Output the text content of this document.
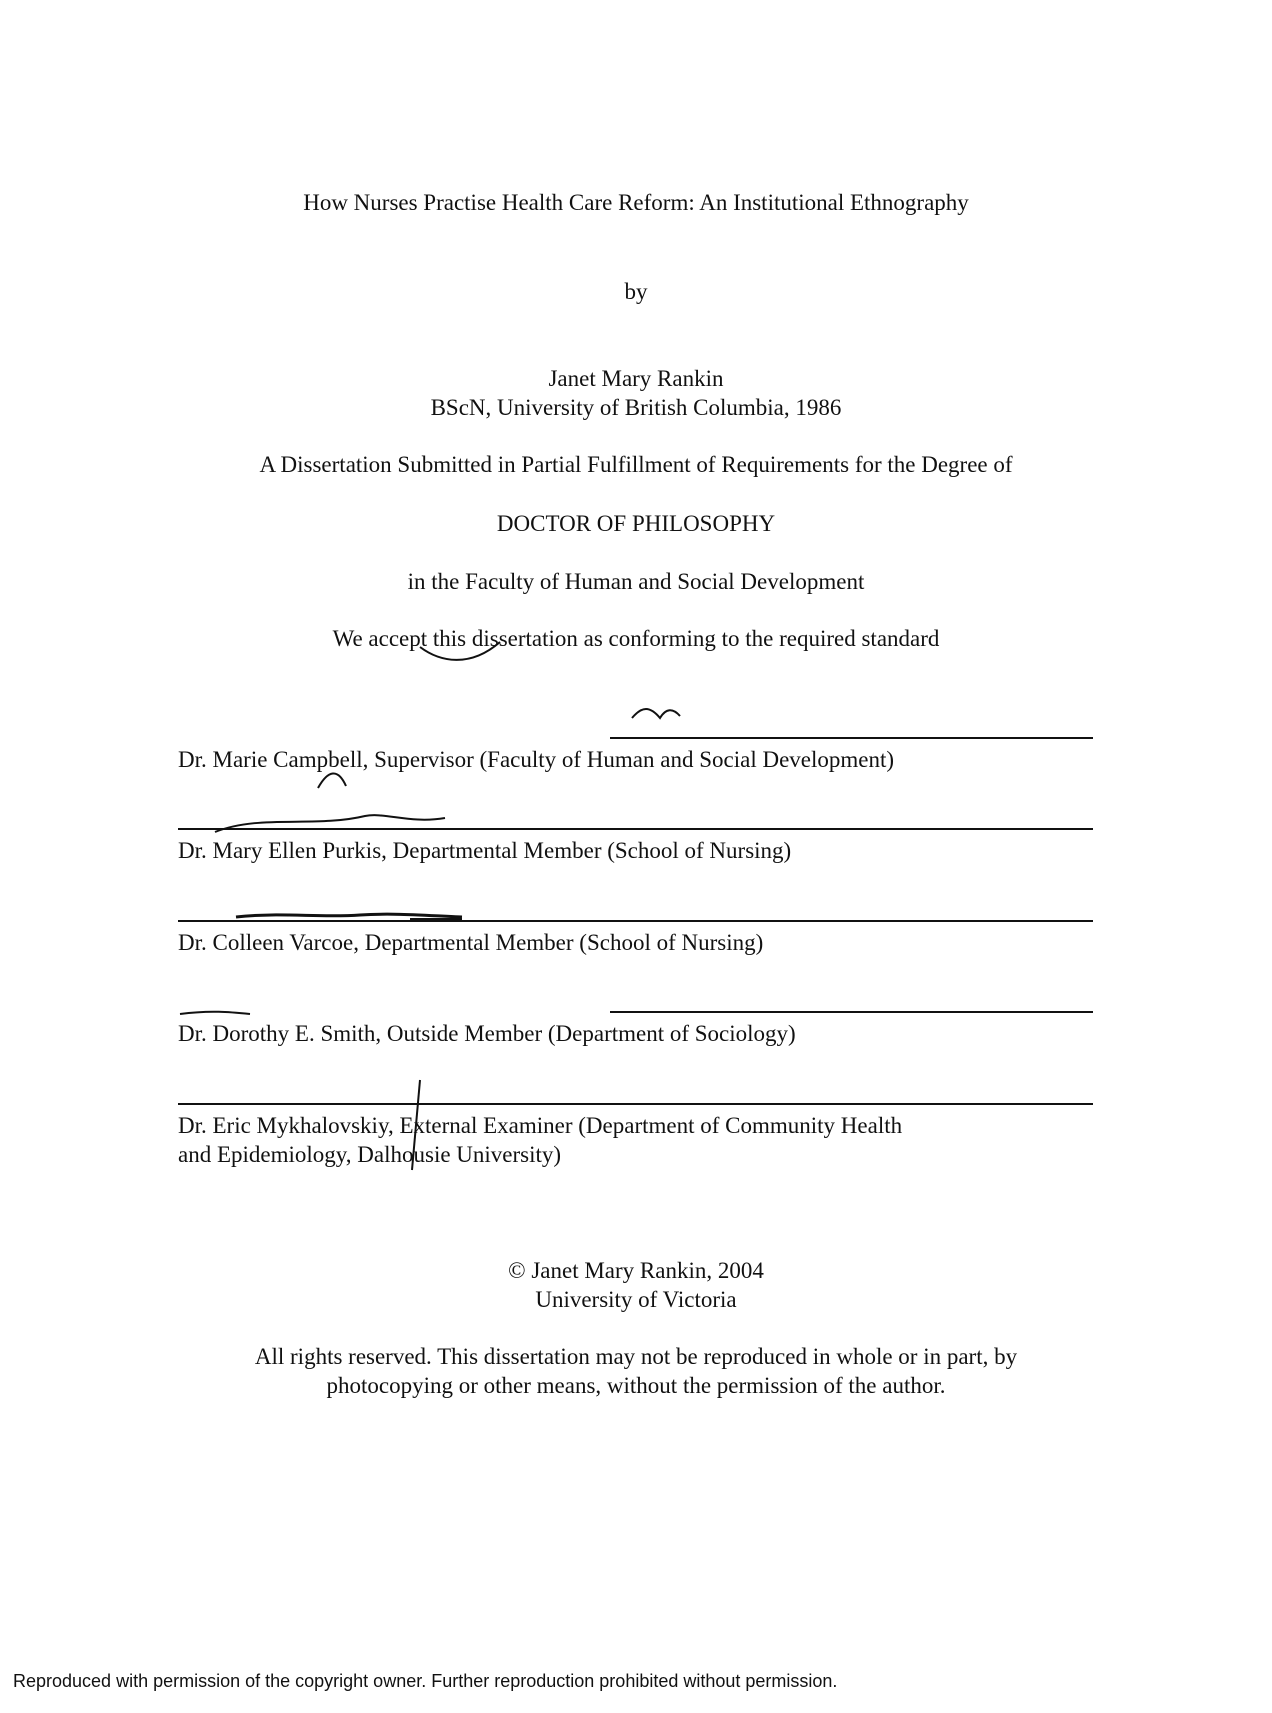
How Nurses Practise Health Care Reform: An Institutional Ethnography
by
Janet Mary Rankin
BScN, University of British Columbia, 1986
A Dissertation Submitted in Partial Fulfillment of Requirements for the Degree of
DOCTOR OF PHILOSOPHY
in the Faculty of Human and Social Development
We accept this dissertation as conforming to the required standard
Dr. Marie Campbell, Supervisor (Faculty of Human and Social Development)
Dr. Mary Ellen Purkis, Departmental Member (School of Nursing)
Dr. Colleen Varcoe, Departmental Member (School of Nursing)
Dr. Dorothy E. Smith, Outside Member (Department of Sociology)
Dr. Eric Mykhalovskiy, External Examiner (Department of Community Health
and Epidemiology, Dalhousie University)
© Janet Mary Rankin, 2004
University of Victoria
All rights reserved. This dissertation may not be reproduced in whole or in part, by
photocopying or other means, without the permission of the author.
Reproduced with permission of the copyright owner. Further reproduction prohibited without permission.
